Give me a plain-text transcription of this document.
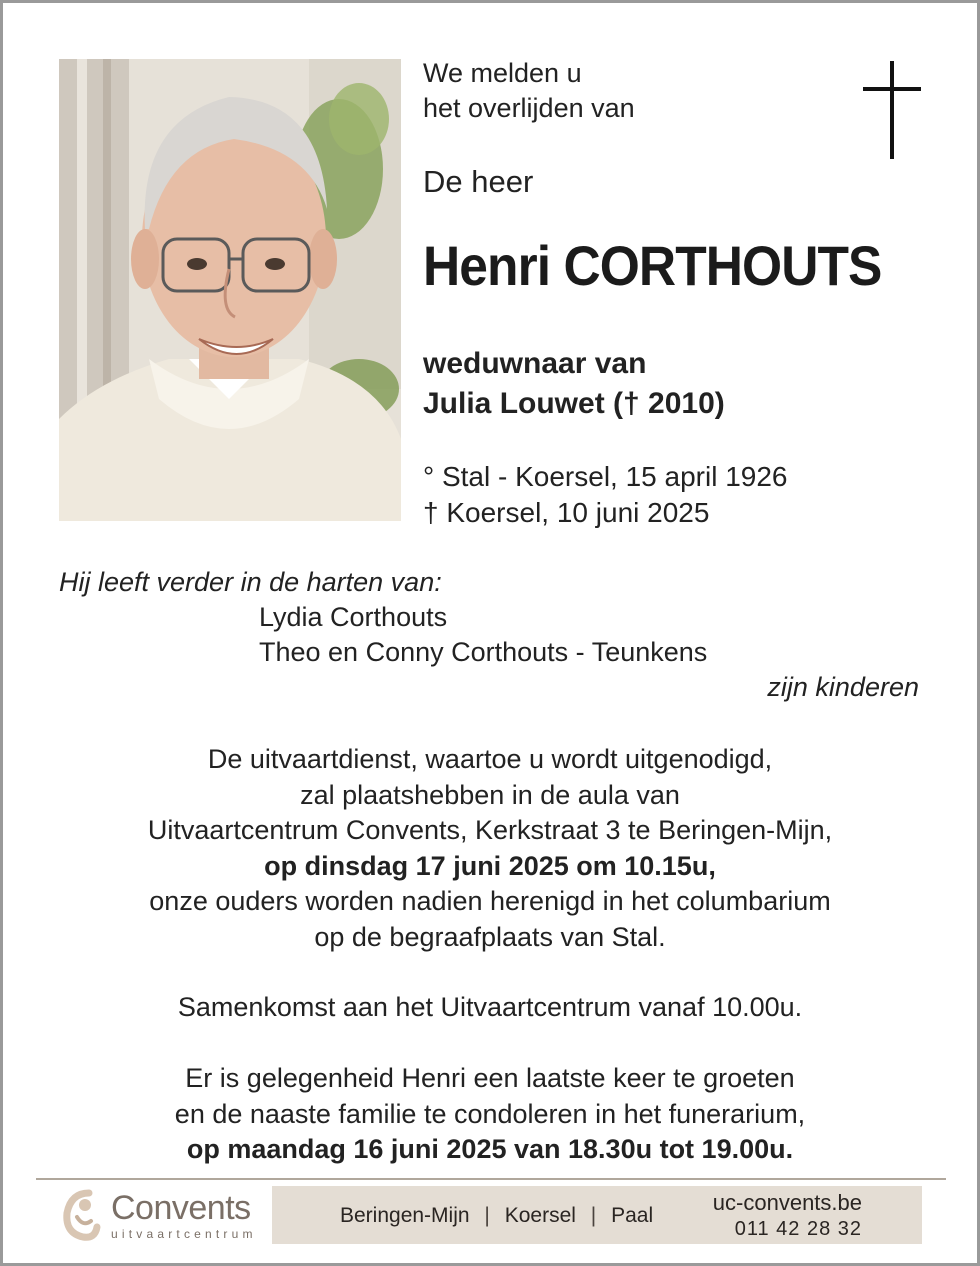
We melden u
het overlijden van
De heer
Henri CORTHOUTS
weduwnaar van
Julia Louwet († 2010)
° Stal - Koersel, 15 april 1926
† Koersel, 10 juni 2025
Hij leeft verder in de harten van:
Lydia Corthouts
Theo en Conny Corthouts - Teunkens
zijn kinderen
De uitvaartdienst, waartoe u wordt uitgenodigd,
zal plaatshebben in de aula van
Uitvaartcentrum Convents, Kerkstraat 3 te Beringen-Mijn,
op dinsdag 17 juni 2025 om 10.15u,
onze ouders worden nadien herenigd in het columbarium
op de begraafplaats van Stal.
Samenkomst aan het Uitvaartcentrum vanaf 10.00u.
Er is gelegenheid Henri een laatste keer te groeten
en de naaste familie te condoleren in het funerarium,
op maandag 16 juni 2025 van 18.30u tot 19.00u.
Convents
uitvaartcentrum
Beringen-Mijn | Koersel | Paal
uc-convents.be
011 42 28 32
